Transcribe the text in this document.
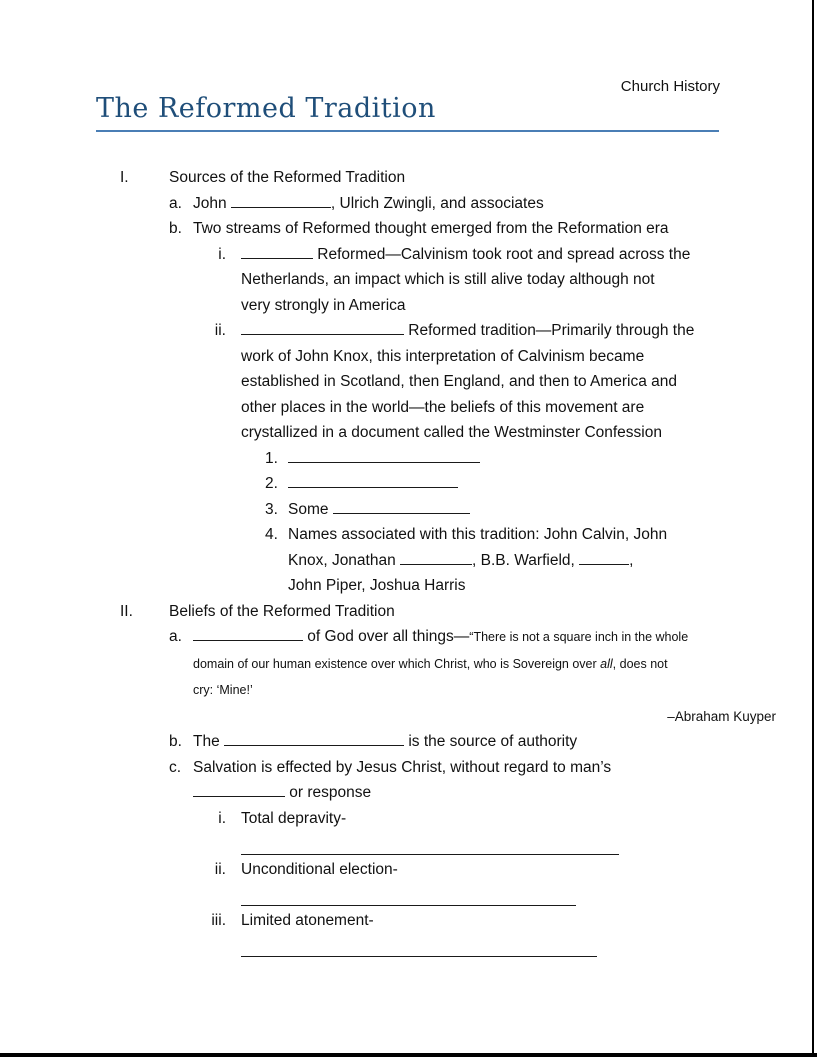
Church History
The Reformed Tradition
I.	Sources of the Reformed Tradition
a. John	, Ulrich Zwingli, and associates
b. Two streams of Reformed thought emerged from the Reformation era
i.	Reformed—Calvinism took root and spread across the
Netherlands, an impact which is still alive today although not
very strongly in America
ii.	Reformed tradition—Primarily through the
work of John Knox, this interpretation of Calvinism became
established in Scotland, then England, and then to America and
other places in the world—the beliefs of this movement are
crystallized in a document called the Westminster Confession
1.
2.
3. Some
4. Names associated with this tradition: John Calvin, John
Knox, Jonathan	, B.B. Warfield,	,
John Piper, Joshua Harris
II. Beliefs of the Reformed Tradition
a.	of God over all things—“There is not a square inch in the whole
domain of our human existence over which Christ, who is Sovereign over all, does not
cry: ‘Mine!’
–Abraham Kuyper
b. The	is the source of authority
c. Salvation is effected by Jesus Christ, without regard to man’s
or response
i. Total depravity-
ii. Unconditional election-
iii. Limited atonement-
